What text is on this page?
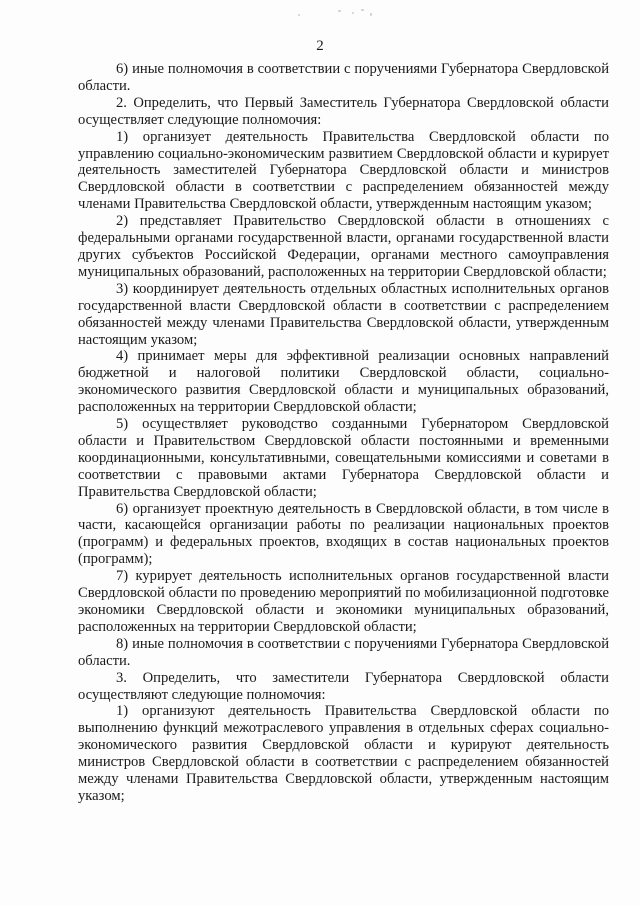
2

6) иные полномочия в соответствии с поручениями Губернатора Свердловской области.

2. Определить, что Первый Заместитель Губернатора Свердловской области осуществляет следующие полномочия:

1) организует деятельность Правительства Свердловской области по управлению социально-экономическим развитием Свердловской области и курирует деятельность заместителей Губернатора Свердловской области и министров Свердловской области в соответствии с распределением обязанностей между членами Правительства Свердловской области, утвержденным настоящим указом;

2) представляет Правительство Свердловской области в отношениях с федеральными органами государственной власти, органами государственной власти других субъектов Российской Федерации, органами местного самоуправления муниципальных образований, расположенных на территории Свердловской области;

3) координирует деятельность отдельных областных исполнительных органов государственной власти Свердловской области в соответствии с распределением обязанностей между членами Правительства Свердловской области, утвержденным настоящим указом;

4) принимает меры для эффективной реализации основных направлений бюджетной и налоговой политики Свердловской области, социально-экономического развития Свердловской области и муниципальных образований, расположенных на территории Свердловской области;

5) осуществляет руководство созданными Губернатором Свердловской области и Правительством Свердловской области постоянными и временными координационными, консультативными, совещательными комиссиями и советами в соответствии с правовыми актами Губернатора Свердловской области и Правительства Свердловской области;

6) организует проектную деятельность в Свердловской области, в том числе в части, касающейся организации работы по реализации национальных проектов (программ) и федеральных проектов, входящих в состав национальных проектов (программ);

7) курирует деятельность исполнительных органов государственной власти Свердловской области по проведению мероприятий по мобилизационной подготовке экономики Свердловской области и экономики муниципальных образований, расположенных на территории Свердловской области;

8) иные полномочия в соответствии с поручениями Губернатора Свердловской области.

3. Определить, что заместители Губернатора Свердловской области осуществляют следующие полномочия:

1) организуют деятельность Правительства Свердловской области по выполнению функций межотраслевого управления в отдельных сферах социально-экономического развития Свердловской области и курируют деятельность министров Свердловской области в соответствии с распределением обязанностей между членами Правительства Свердловской области, утвержденным настоящим указом;
